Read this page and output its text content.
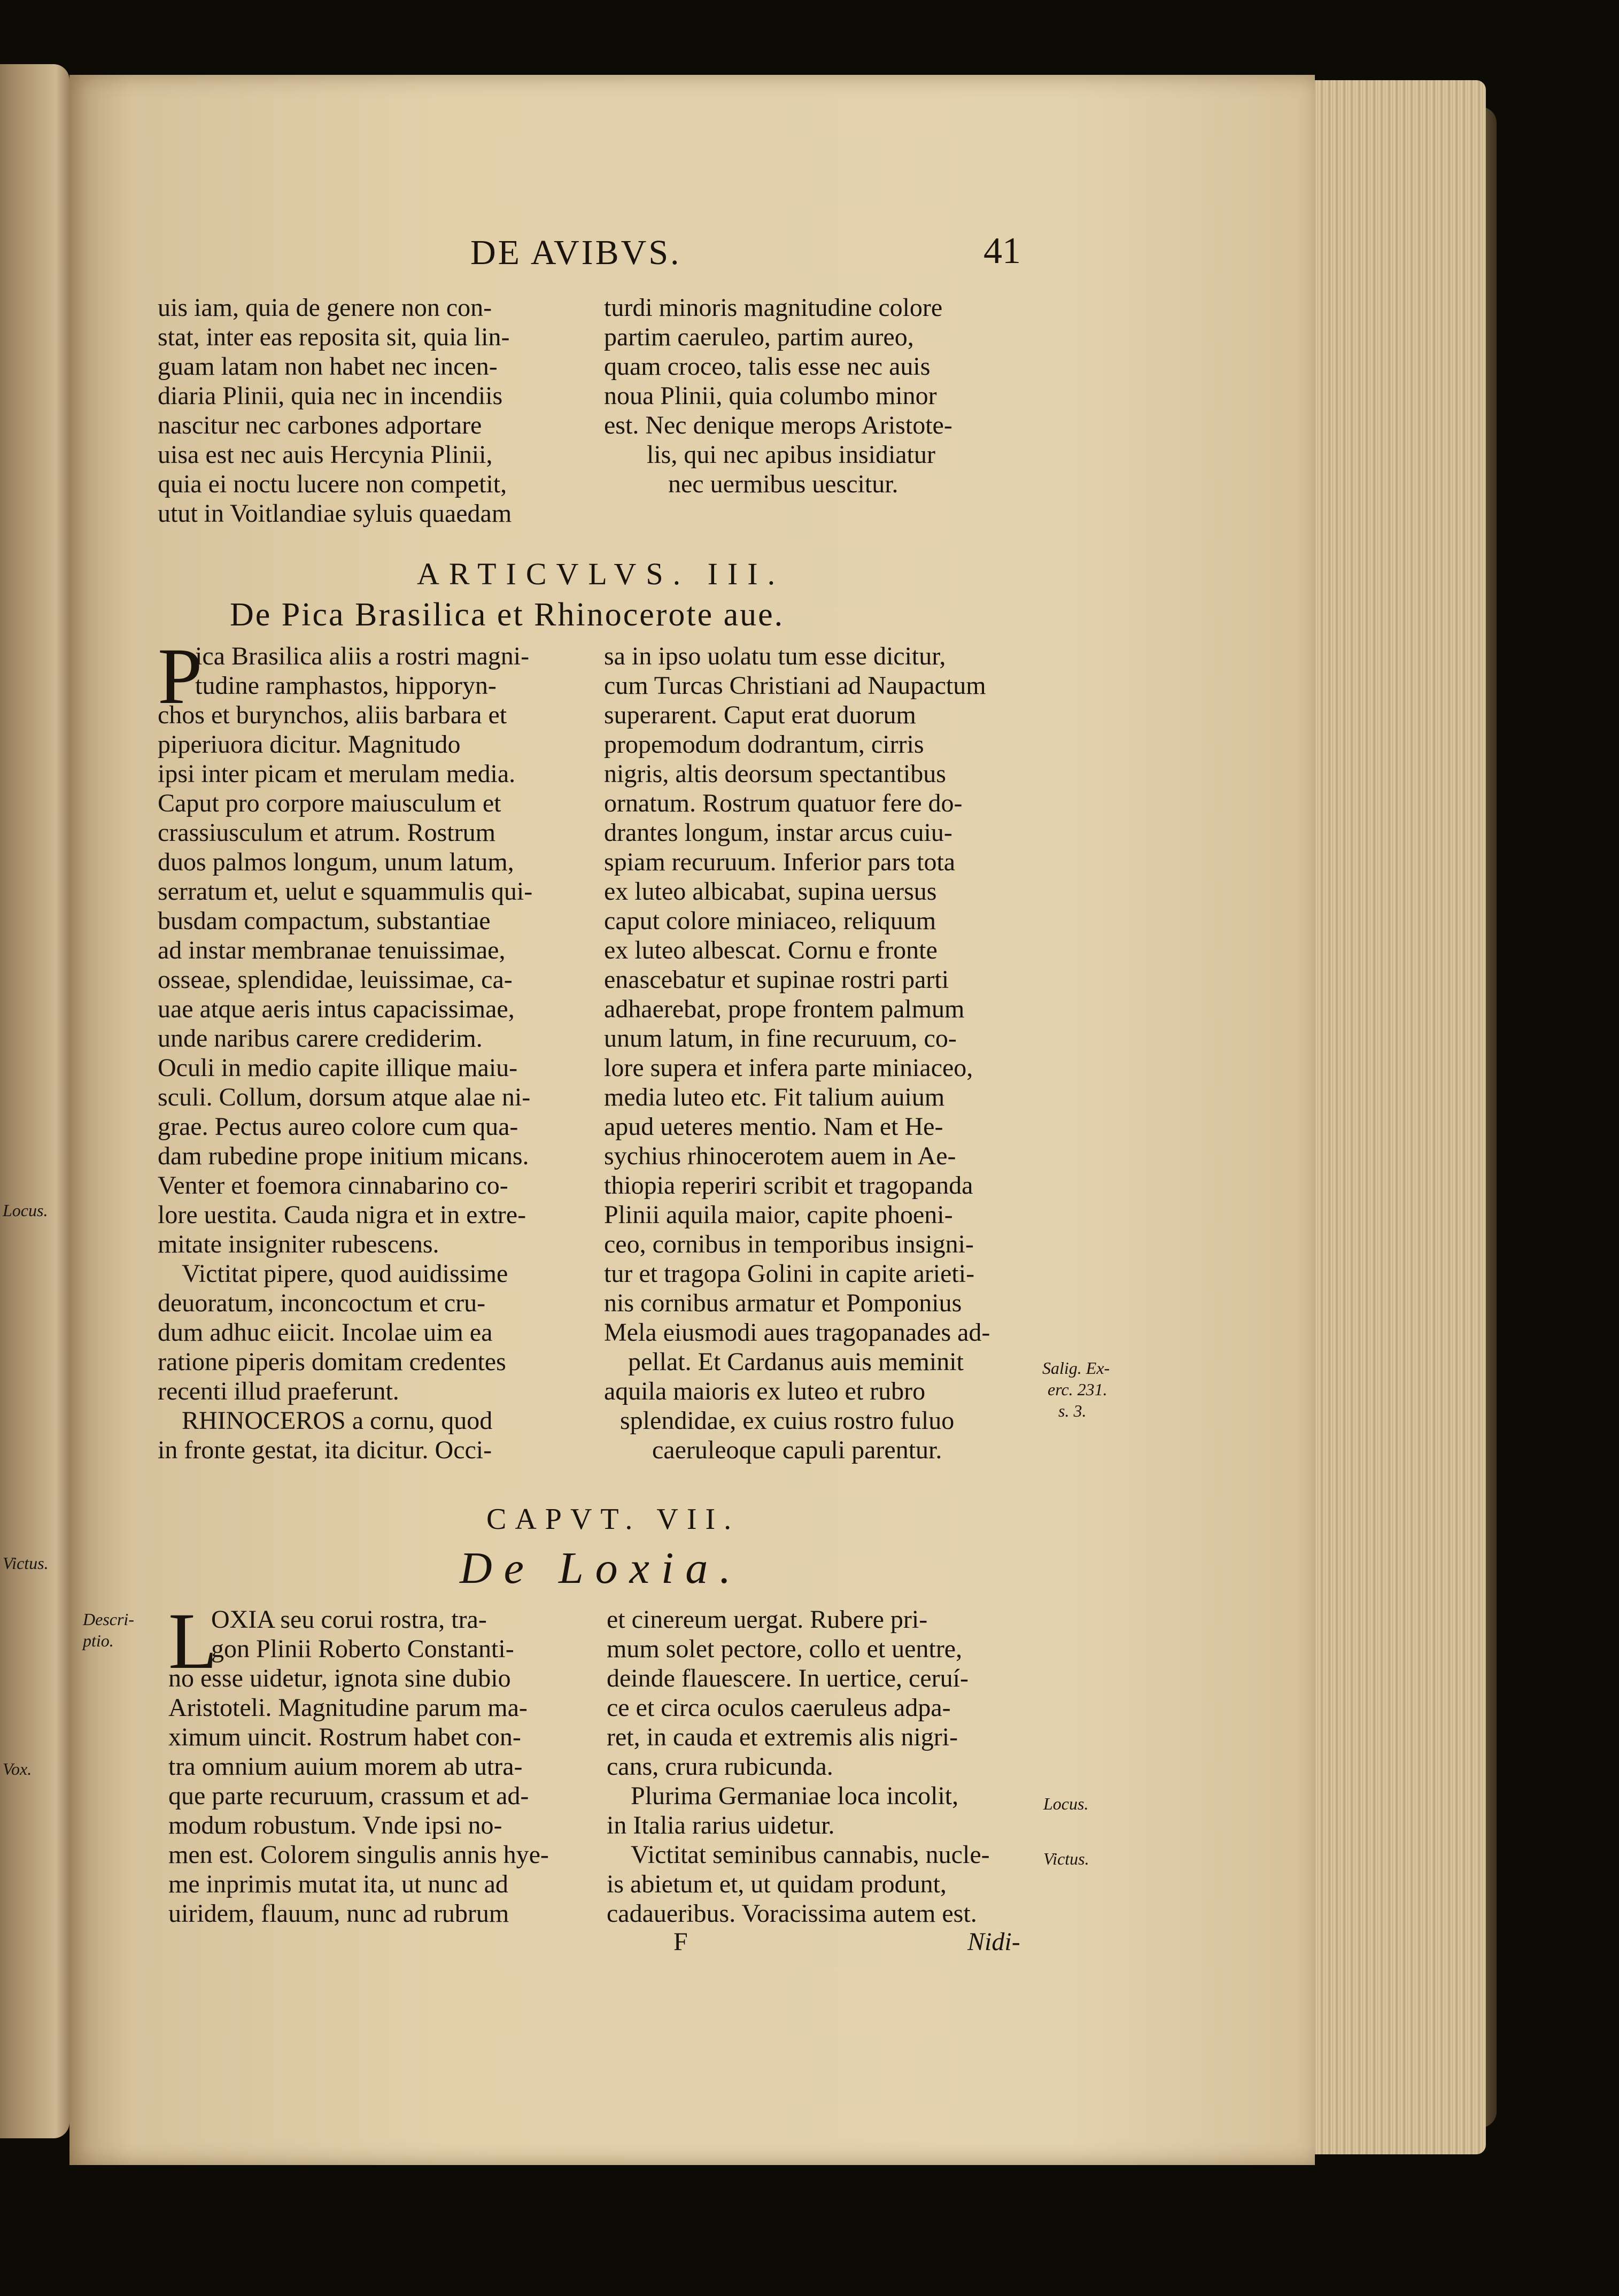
DE AVIBVS.	41
uis iam, quia de genere non con-
stat, inter eas reposita sit, quia lin-
guam latam non habet nec incen-
diaria Plinii, quia nec in incendiis
nascitur nec carbones adportare
uisa est nec auis Hercynia Plinii,
quia ei noctu lucere non competit,
utut in Voitlandiae syluis quaedam
turdi minoris magnitudine colore
partim caeruleo, partim aureo,
quam croceo, talis esse nec auis
noua Plinii, quia columbo minor
est. Nec denique merops Aristote-
lis, qui nec apibus insidiatur
nec uermibus uescitur.
ARTICVLVS. III.
De Pica Brasilica et Rhinocerote aue.
P
ica Brasilica aliis a rostri magni-
tudine ramphastos, hipporyn-
chos et burynchos, aliis barbara et
piperiuora dicitur. Magnitudo
ipsi inter picam et merulam media.
Caput pro corpore maiusculum et
crassiusculum et atrum. Rostrum
duos palmos longum, unum latum,
serratum et, uelut e squammulis qui-
busdam compactum, substantiae
ad instar membranae tenuissimae,
osseae, splendidae, leuissimae, ca-
uae atque aeris intus capacissimae,
unde naribus carere crediderim.
Oculi in medio capite illique maiu-
sculi. Collum, dorsum atque alae ni-
grae. Pectus aureo colore cum qua-
dam rubedine prope initium micans.
Venter et foemora cinnabarino co-
lore uestita. Cauda nigra et in extre-
mitate insigniter rubescens.
Victitat pipere, quod auidissime
deuoratum, inconcoctum et cru-
dum adhuc eiicit. Incolae uim ea
ratione piperis domitam credentes
recenti illud praeferunt.
RHINOCEROS a cornu, quod
in fronte gestat, ita dicitur. Occi-
sa in ipso uolatu tum esse dicitur,
cum Turcas Christiani ad Naupactum
superarent. Caput erat duorum
propemodum dodrantum, cirris
nigris, altis deorsum spectantibus
ornatum. Rostrum quatuor fere do-
drantes longum, instar arcus cuiu-
spiam recuruum. Inferior pars tota
ex luteo albicabat, supina uersus
caput colore miniaceo, reliquum
ex luteo albescat. Cornu e fronte
enascebatur et supinae rostri parti
adhaerebat, prope frontem palmum
unum latum, in fine recuruum, co-
lore supera et infera parte miniaceo,
media luteo etc. Fit talium auium
apud ueteres mentio. Nam et He-
sychius rhinocerotem auem in Ae-
thiopia reperiri scribit et tragopanda
Plinii aquila maior, capite phoeni-
ceo, cornibus in temporibus insigni-
tur et tragopa Golini in capite arieti-
nis cornibus armatur et Pomponius
Mela eiusmodi aues tragopanades ad-
pellat. Et Cardanus auis meminit
aquila maioris ex luteo et rubro
splendidae, ex cuius rostro fuluo
caeruleoque capuli parentur.
CAPVT. VII.
De Loxia.
L
OXIA seu corui rostra, tra-
gon Plinii Roberto Constanti-
no esse uidetur, ignota sine dubio
Aristoteli. Magnitudine parum ma-
ximum uincit. Rostrum habet con-
tra omnium auium morem ab utra-
que parte recuruum, crassum et ad-
modum robustum. Vnde ipsi no-
men est. Colorem singulis annis hye-
me inprimis mutat ita, ut nunc ad
uiridem, flauum, nunc ad rubrum
et cinereum uergat. Rubere pri-
mum solet pectore, collo et uentre,
deinde flauescere. In uertice, ceruí-
ce et circa oculos caeruleus adpa-
ret, in cauda et extremis alis nigri-
cans, crura rubicunda.
Plurima Germaniae loca incolit,
in Italia rarius uidetur.
Victitat seminibus cannabis, nucle-
is abietum et, ut quidam produnt,
cadaueribus. Voracissima autem est.
F	Nidi-
Salig. Ex-
erc. 231.
s. 3.
Locus.
Victus.
Locus.
Victus.
Descri-
ptio.
Vox.
